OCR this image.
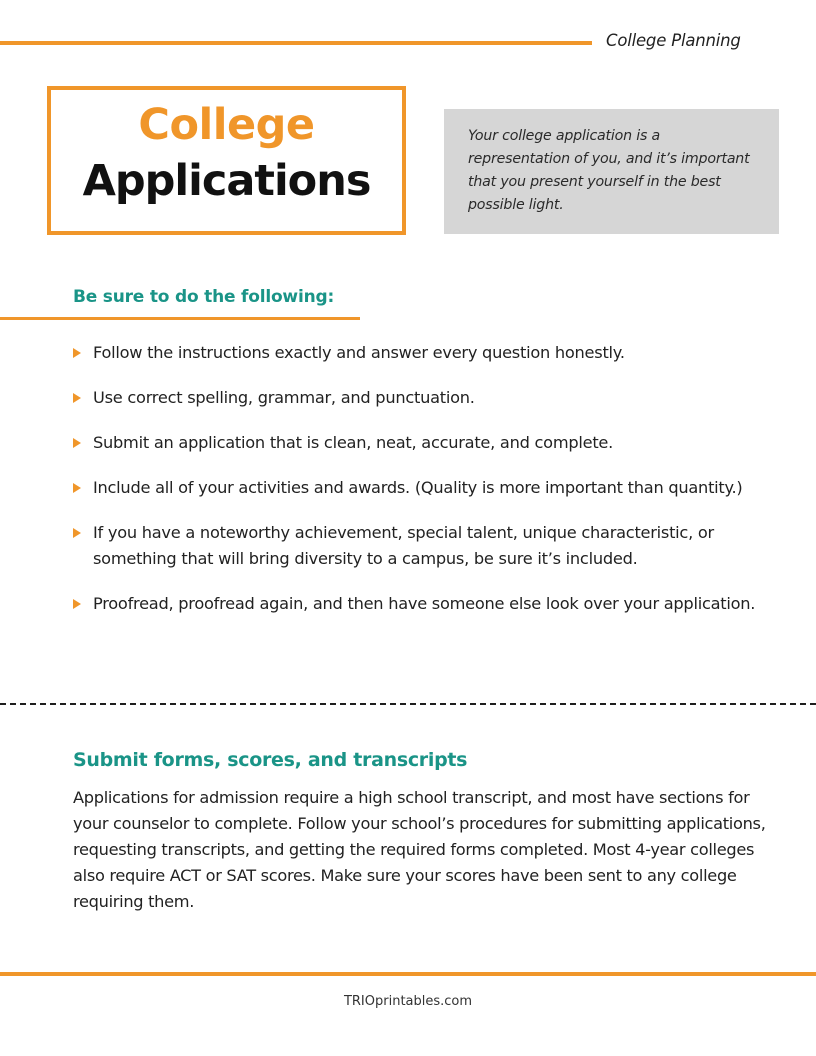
College Planning
College
Applications
Your college application is a representation of you, and it’s important that you present yourself in the best possible light.
Be sure to do the following:
Follow the instructions exactly and answer every question honestly.
Use correct spelling, grammar, and punctuation.
Submit an application that is clean, neat, accurate, and complete.
Include all of your activities and awards. (Quality is more important than quantity.)
If you have a noteworthy achievement, special talent, unique characteristic, or something that will bring diversity to a campus, be sure it’s included.
Proofread, proofread again, and then have someone else look over your application.
Submit forms, scores, and transcripts
Applications for admission require a high school transcript, and most have sections for your counselor to complete. Follow your school’s procedures for submitting applications, requesting transcripts, and getting the required forms completed. Most 4-year colleges also require ACT or SAT scores. Make sure your scores have been sent to any college requiring them.
TRIOprintables.com
